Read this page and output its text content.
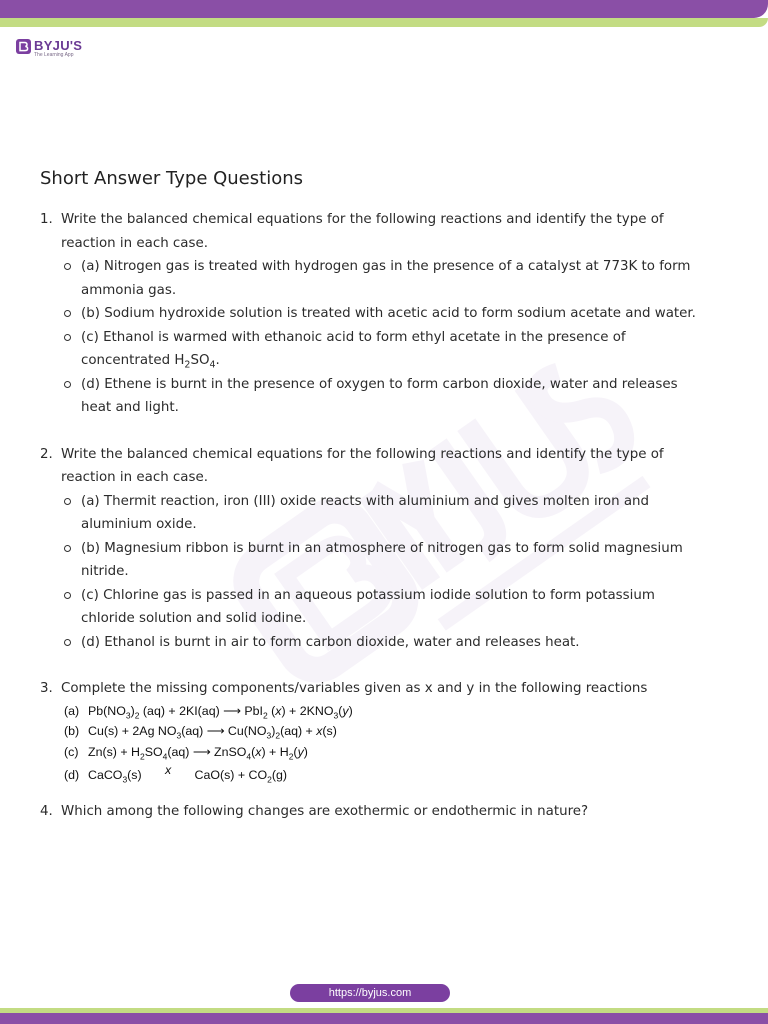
BYJU'S
The Learning App
Short Answer Type Questions
1. Write the balanced chemical equations for the following reactions and identify the type of reaction in each case.
(a) Nitrogen gas is treated with hydrogen gas in the presence of a catalyst at 773K to form ammonia gas.
(b) Sodium hydroxide solution is treated with acetic acid to form sodium acetate and water.
(c) Ethanol is warmed with ethanoic acid to form ethyl acetate in the presence of concentrated $H_2SO_4$.
(d) Ethene is burnt in the presence of oxygen to form carbon dioxide, water and releases heat and light.
2. Write the balanced chemical equations for the following reactions and identify the type of reaction in each case.
(a) Thermit reaction, iron (III) oxide reacts with aluminium and gives molten iron and aluminium oxide.
(b) Magnesium ribbon is burnt in an atmosphere of nitrogen gas to form solid magnesium nitride.
(c) Chlorine gas is passed in an aqueous potassium iodide solution to form potassium chloride solution and solid iodine.
(d) Ethanol is burnt in air to form carbon dioxide, water and releases heat.
3. Complete the missing components/variables given as x and y in the following reactions
(a) $Pb(NO_3)_2$ (aq) + 2KI(aq) ⟶ PbI$_2$ $(x) + 2KNO_3(y)$
(b) Cu(s) + 2Ag $NO_3(aq)$ ⟶ $Cu(NO_3)_2(aq) + x(s)$
(c) $Zn(s) + H_2SO_4(aq)$ ⟶ ZnSO$_4$(x) + $H_2(y)$
(d) CaCO$_3$(s) x $CaO(s) + CO_2(g)$
4. Which among the following changes are exothermic or endothermic in nature?
https://byjus.com
